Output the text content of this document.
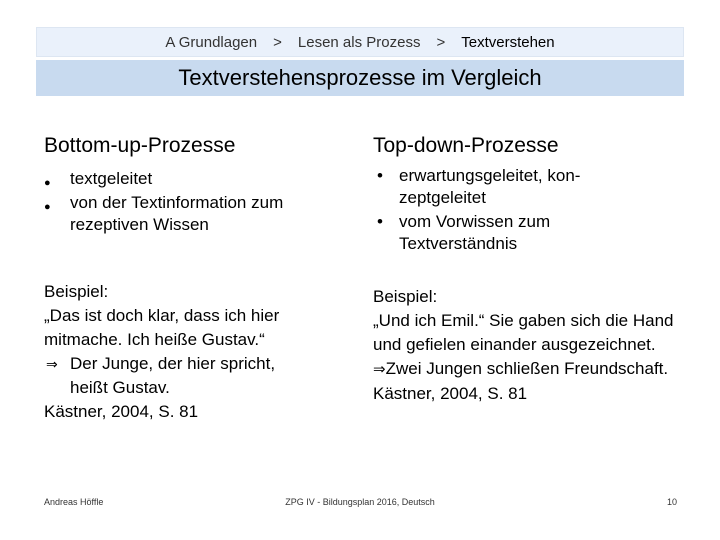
A Grundlagen > Lesen als Prozess > Textverstehen
Textverstehensprozesse im Vergleich
Bottom-up-Prozesse
● textgeleitet
● von der Textinformation zum rezeptiven Wissen
Beispiel:
„Das ist doch klar, dass ich hier
mitmache. Ich heiße Gustav.“
⇒ Der Junge, der hier spricht,
heißt Gustav.
Kästner, 2004, S. 81
Top-down-Prozesse
• erwartungsgeleitet, kon-zeptgeleitet
• vom Vorwissen zum Textverständnis
Beispiel:
„Und ich Emil.“ Sie gaben sich die Hand und gefielen einander ausgezeichnet.
⇒Zwei Jungen schließen Freundschaft.
Kästner, 2004, S. 81
Andreas Höffle	ZPG IV - Bildungsplan 2016, Deutsch	10
